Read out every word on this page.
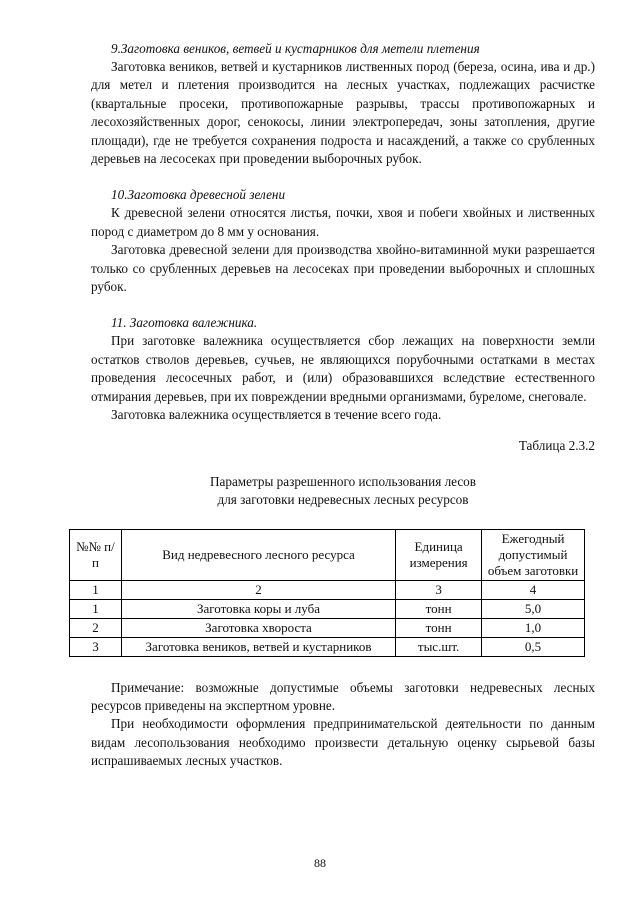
9.Заготовка веников, ветвей и кустарников для метели плетения

Заготовка веников, ветвей и кустарников лиственных пород (береза, осина, ива и др.) для метел и плетения производится на лесных участках, подлежащих расчистке (квартальные просеки, противопожарные разрывы, трассы противопожарных и лесохозяйственных дорог, сенокосы, линии электропередач, зоны затопления, другие площади), где не требуется сохранения подроста и насаждений, а также со срубленных деревьев на лесосеках при проведении выборочных рубок.

10.Заготовка древесной зелени

К древесной зелени относятся листья, почки, хвоя и побеги хвойных и лиственных пород с диаметром до 8 мм у основания.

Заготовка древесной зелени для производства хвойно-витаминной муки разрешается только со срубленных деревьев на лесосеках при проведении выборочных и сплошных рубок.

11. Заготовка валежника.

При заготовке валежника осуществляется сбор лежащих на поверхности земли остатков стволов деревьев, сучьев, не являющихся порубочными остатками в местах проведения лесосечных работ, и (или) образовавшихся вследствие естественного отмирания деревьев, при их повреждении вредными организмами, буреломе, снеговале.

Заготовка валежника осуществляется в течение всего года.

Таблица 2.3.2

Параметры разрешенного использования лесов
для заготовки недревесных лесных ресурсов

№№ п/п	Вид недревесного лесного ресурса	Единица измерения	Ежегодный допустимый объем заготовки
1	2	3	4
1	Заготовка коры и луба	тонн	5,0
2	Заготовка хвороста	тонн	1,0
3	Заготовка веников, ветвей и кустарников	тыс.шт.	0,5

Примечание: возможные допустимые объемы заготовки недревесных лесных ресурсов приведены на экспертном уровне.

При необходимости оформления предпринимательской деятельности по данным видам лесопользования необходимо произвести детальную оценку сырьевой базы испрашиваемых лесных участков.

88
